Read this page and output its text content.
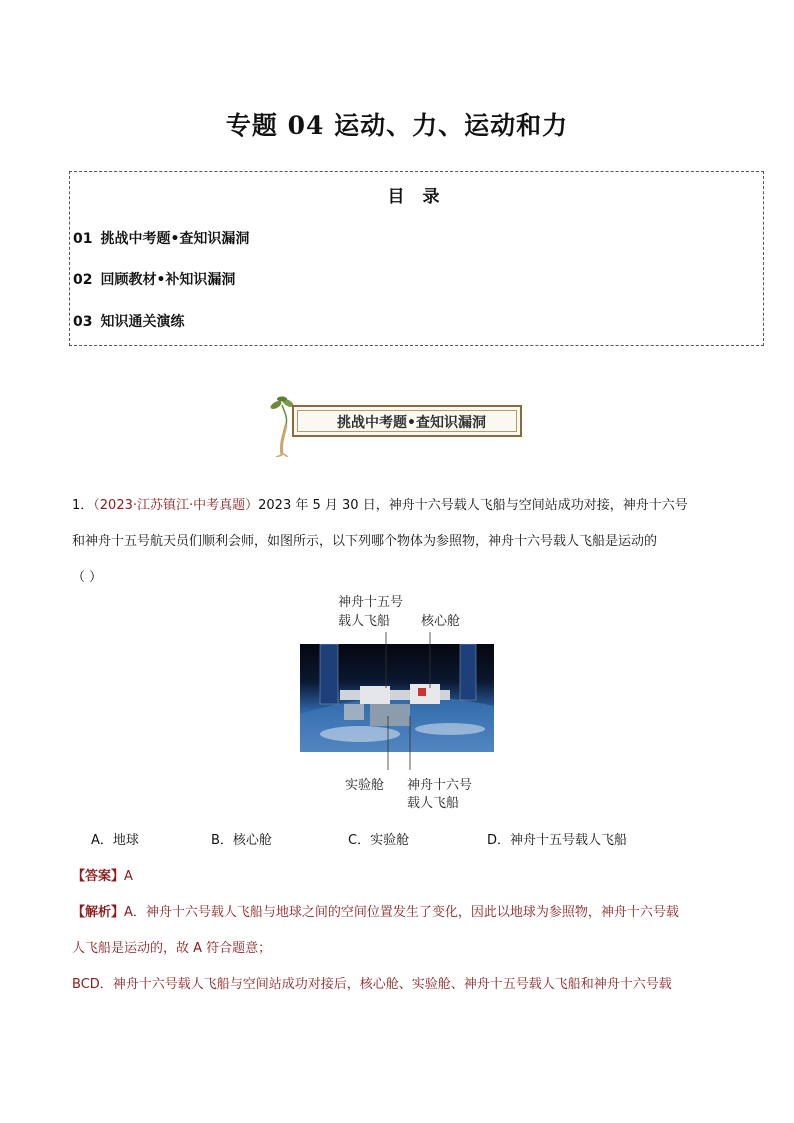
专题 04 运动、力、运动和力
目 录
01 挑战中考题•查知识漏洞
02 回顾教材•补知识漏洞
03 知识通关演练
挑战中考题•查知识漏洞
1．（2023·江苏镇江·中考真题）2023 年 5 月 30 日，神舟十六号载人飞船与空间站成功对接，神舟十六号
和神舟十五号航天员们顺利会师，如图所示，以下列哪个物体为参照物，神舟十六号载人飞船是运动的
（ ）
神舟十五号
载人飞船 核心舱
实验舱 神舟十六号
载人飞船
A．地球	B．核心舱	C．实验舱	D．神舟十五号载人飞船
【答案】A
【解析】A．神舟十六号载人飞船与地球之间的空间位置发生了变化，因此以地球为参照物，神舟十六号载
人飞船是运动的，故 A 符合题意；
BCD．神舟十六号载人飞船与空间站成功对接后，核心舱、实验舱、神舟十五号载人飞船和神舟十六号载
